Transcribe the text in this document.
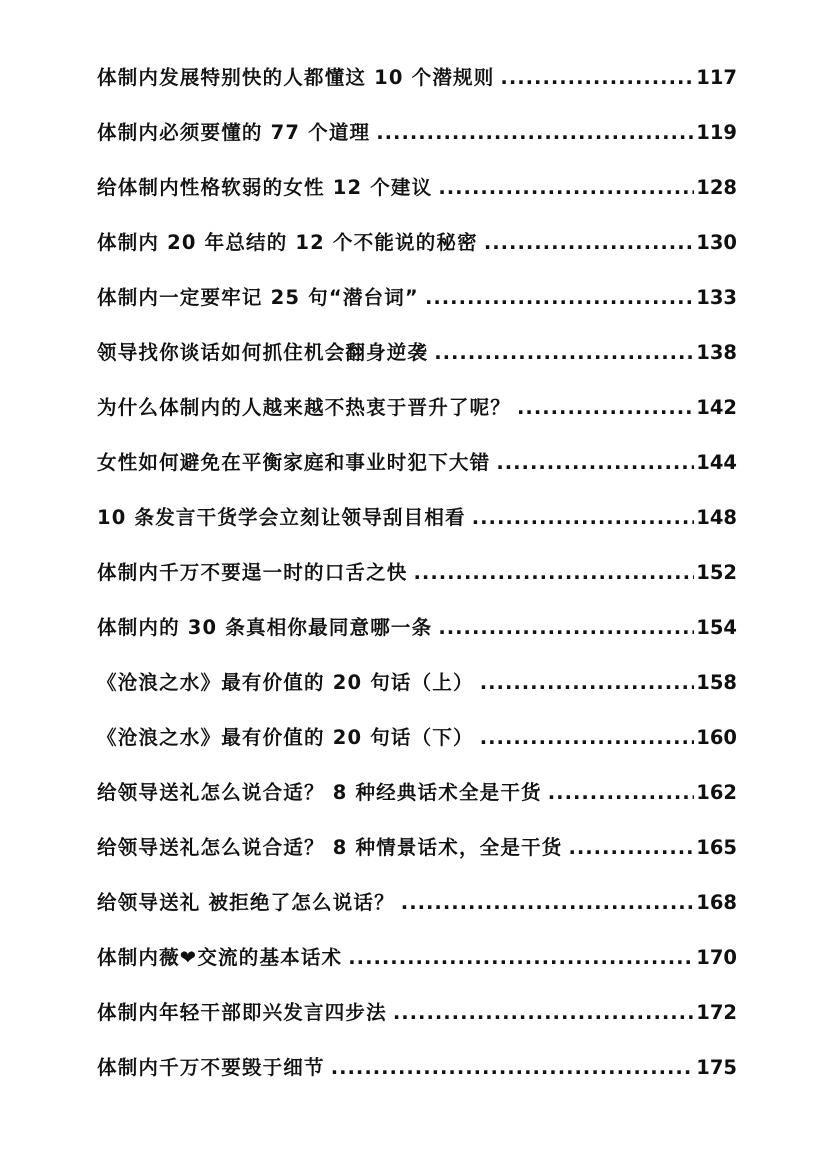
体制内发展特别快的人都懂这 10 个潜规则 .....	117
体制内必须要懂的 77 个道理 .....	119
给体制内性格软弱的女性 12 个建议 .....	128
体制内 20 年总结的 12 个不能说的秘密 .....	130
体制内一定要牢记 25 句“潜台词” .....	133
领导找你谈话如何抓住机会翻身逆袭 .....	138
为什么体制内的人越来越不热衷于晋升了呢？ .....	142
女性如何避免在平衡家庭和事业时犯下大错 .....	144
10 条发言干货学会立刻让领导刮目相看 .....	148
体制内千万不要逞一时的口舌之快 .....	152
体制内的 30 条真相你最同意哪一条 .....	154
《沧浪之水》最有价值的 20 句话（上） .....	158
《沧浪之水》最有价值的 20 句话（下） .....	160
给领导送礼怎么说合适？ 8 种经典话术全是干货 .....	162
给领导送礼怎么说合适？ 8 种情景话术，全是干货 .....	165
给领导送礼 被拒绝了怎么说话？ .....	168
体制内薇❤交流的基本话术 .....	170
体制内年轻干部即兴发言四步法 .....	172
体制内千万不要毁于细节 .....	175
